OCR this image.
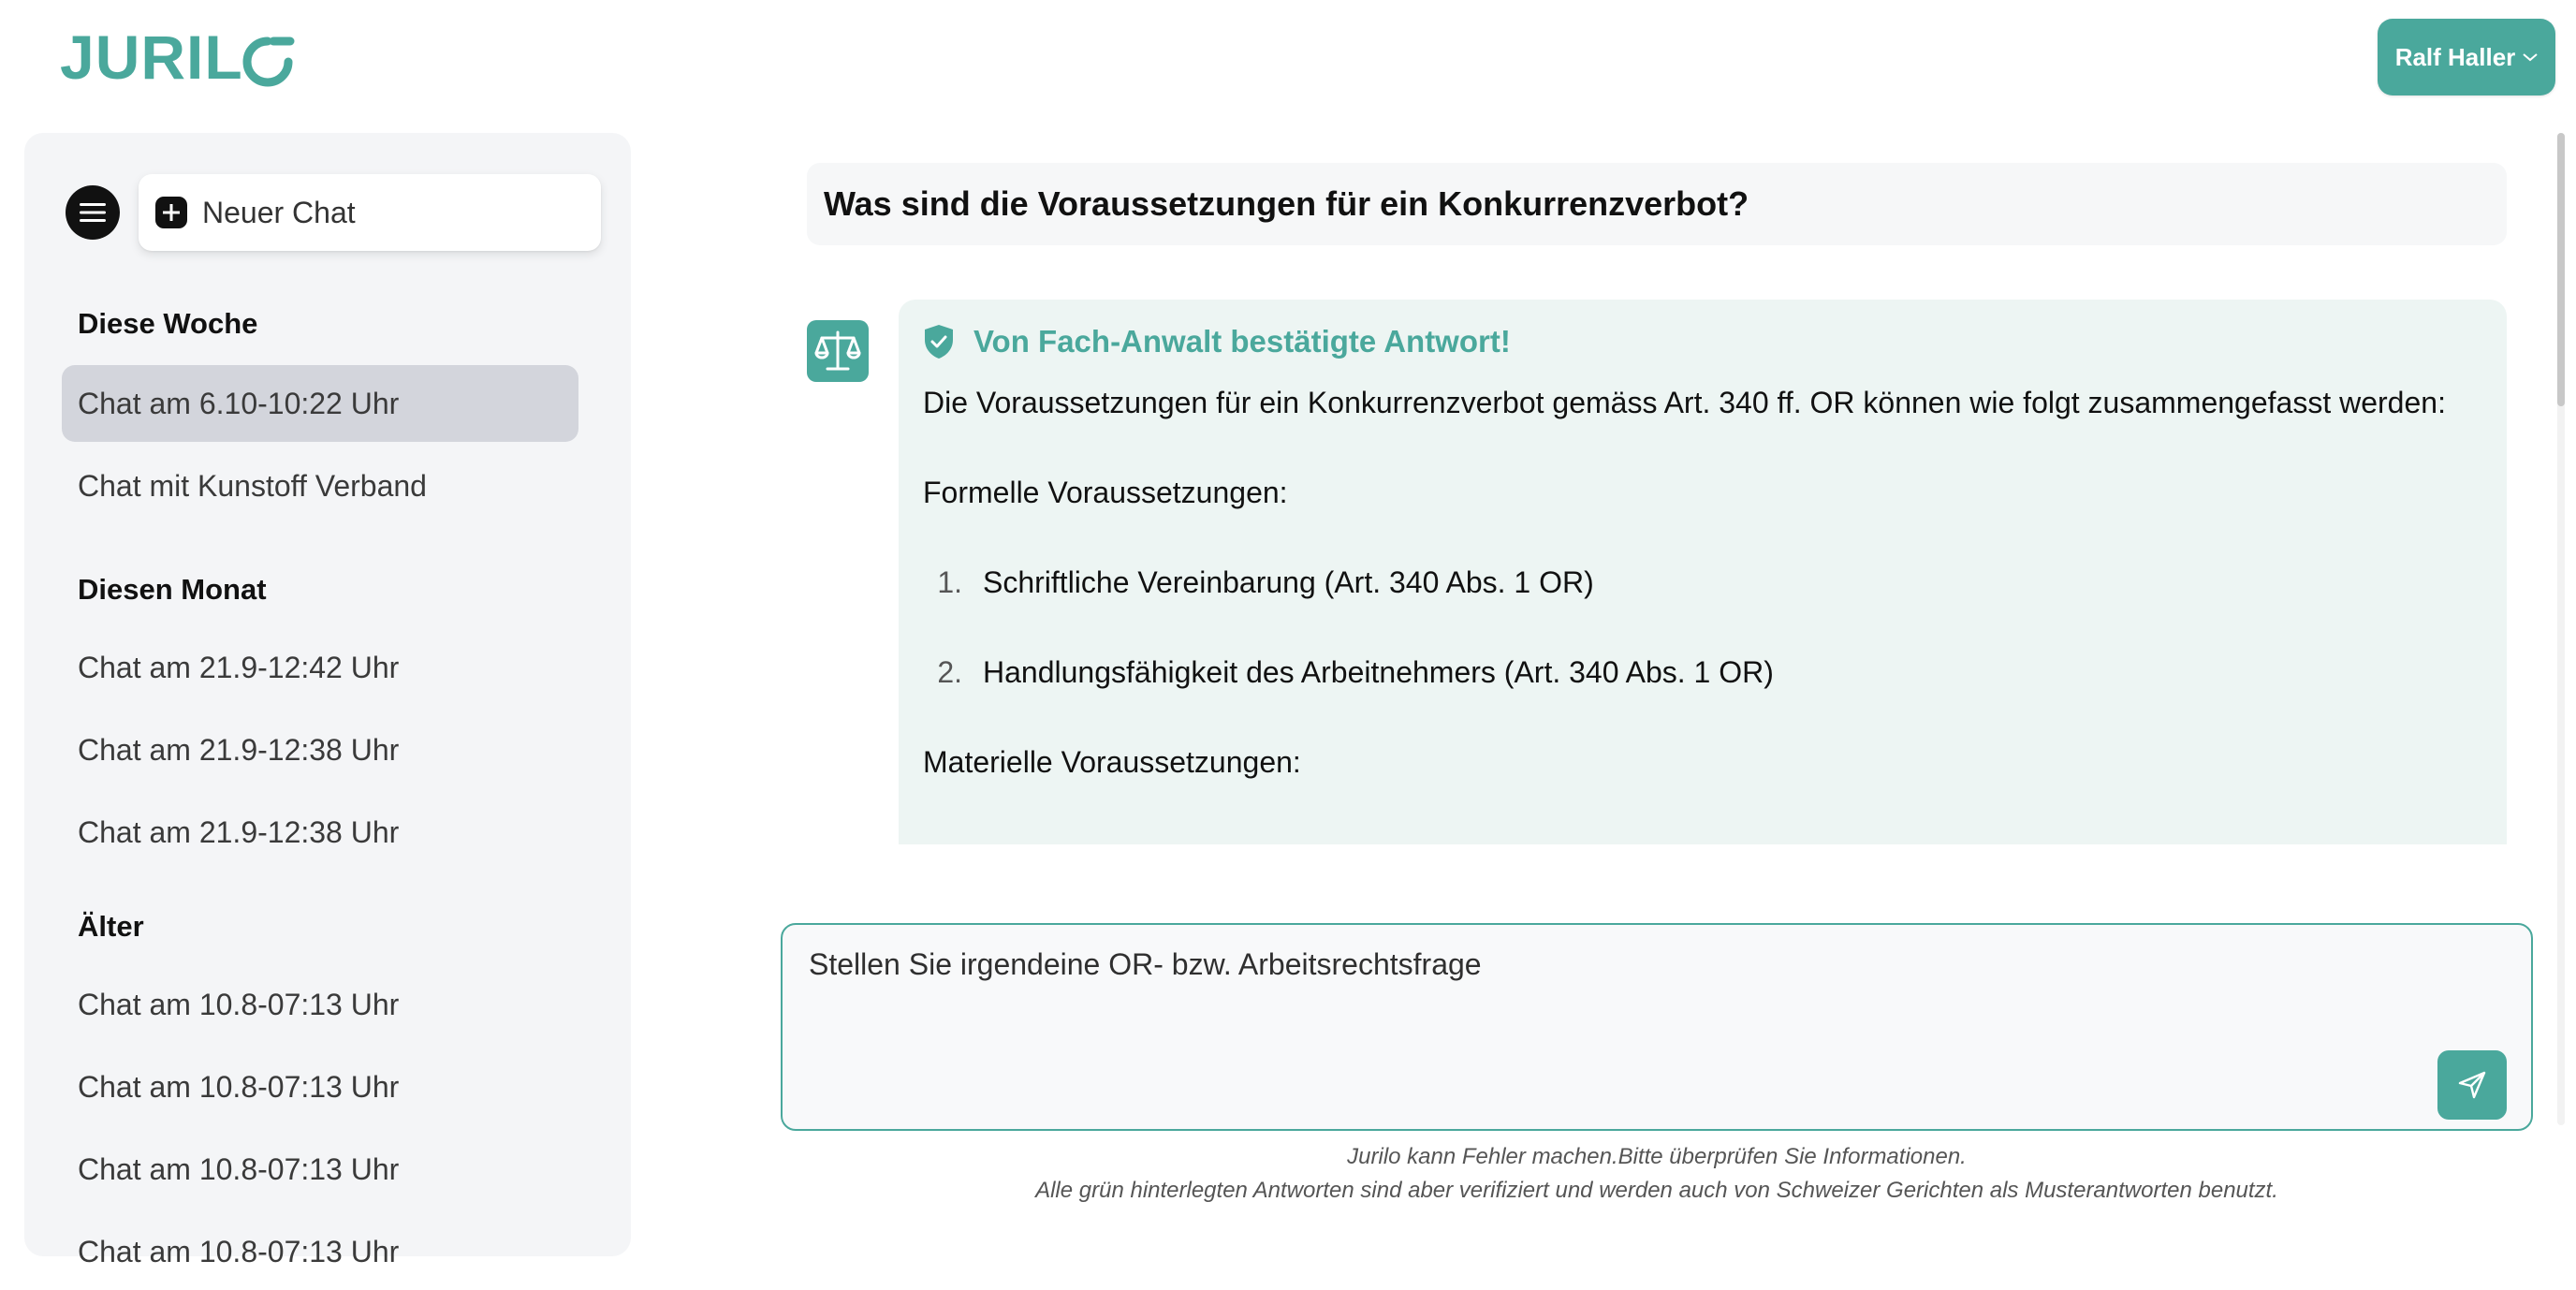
JURIL	Ralf Haller
Neuer Chat
Diese Woche
Chat am 6.10-10:22 Uhr
Chat mit Kunstoff Verband
Diesen Monat
Chat am 21.9-12:42 Uhr
Chat am 21.9-12:38 Uhr
Chat am 21.9-12:38 Uhr
Älter
Chat am 10.8-07:13 Uhr
Chat am 10.8-07:13 Uhr
Chat am 10.8-07:13 Uhr
Chat am 10.8-07:13 Uhr
Was sind die Voraussetzungen für ein Konkurrenzverbot?
Von Fach-Anwalt bestätigte Antwort!

Die Voraussetzungen für ein Konkurrenzverbot gemäss Art. 340 ff. OR können wie folgt zusammengefasst werden:

Formelle Voraussetzungen:

1. Schriftliche Vereinbarung (Art. 340 Abs. 1 OR)
2. Handlungsfähigkeit des Arbeitnehmers (Art. 340 Abs. 1 OR)

Materielle Voraussetzungen:

Stellen Sie irgendeine OR- bzw. Arbeitsrechtsfrage
Jurilo kann Fehler machen.Bitte überprüfen Sie Informationen.
Alle grün hinterlegten Antworten sind aber verifiziert und werden auch von Schweizer Gerichten als Musterantworten benutzt.
